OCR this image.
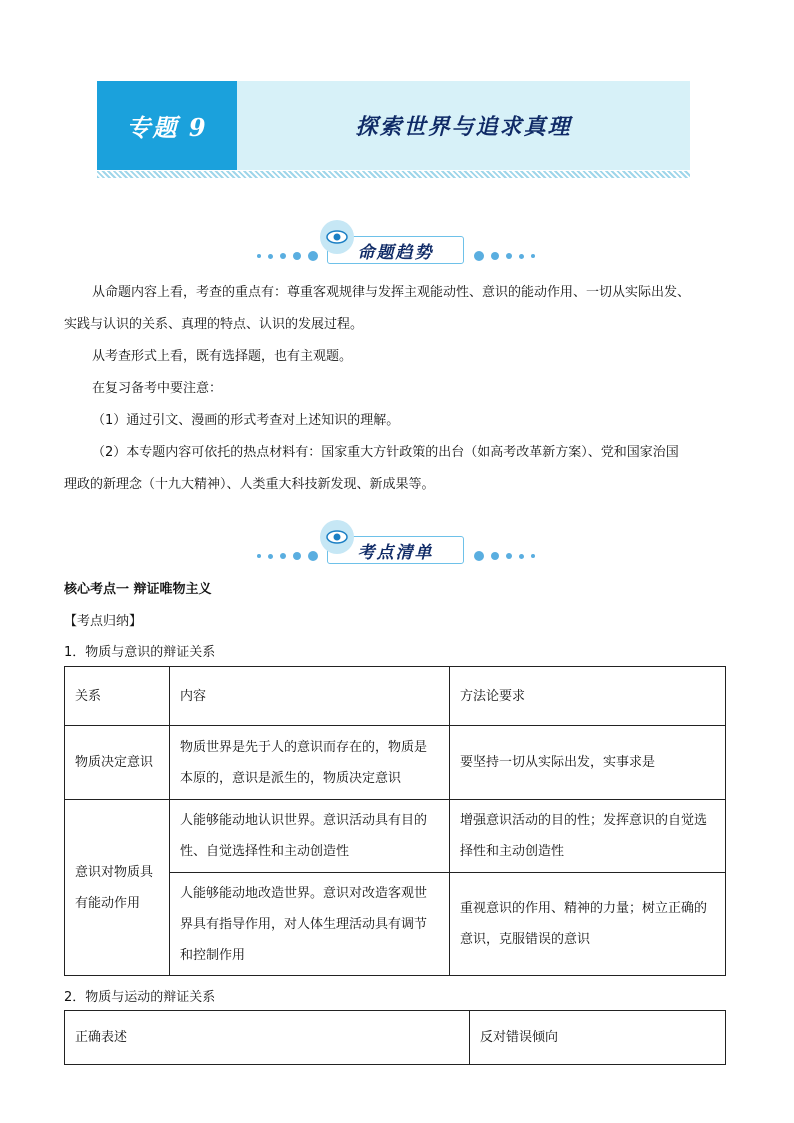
专题 9	探索世界与追求真理
命题趋势
从命题内容上看，考查的重点有：尊重客观规律与发挥主观能动性、意识的能动作用、一切从实际出发、
实践与认识的关系、真理的特点、认识的发展过程。
从考查形式上看，既有选择题，也有主观题。
在复习备考中要注意：
（1）通过引文、漫画的形式考查对上述知识的理解。
（2）本专题内容可依托的热点材料有：国家重大方针政策的出台（如高考改革新方案）、党和国家治国
理政的新理念（十九大精神）、人类重大科技新发现、新成果等。
考点清单
核心考点一 辩证唯物主义
【考点归纳】
1．物质与意识的辩证关系
关系	内容	方法论要求
物质决定意识	物质世界是先于人的意识而存在的，物质是本原的，意识是派生的，物质决定意识	要坚持一切从实际出发，实事求是
意识对物质具有能动作用	人能够能动地认识世界。意识活动具有目的性、自觉选择性和主动创造性	增强意识活动的目的性；发挥意识的自觉选择性和主动创造性
	人能够能动地改造世界。意识对改造客观世界具有指导作用，对人体生理活动具有调节和控制作用	重视意识的作用、精神的力量；树立正确的意识，克服错误的意识
2．物质与运动的辩证关系
正确表述	反对错误倾向
